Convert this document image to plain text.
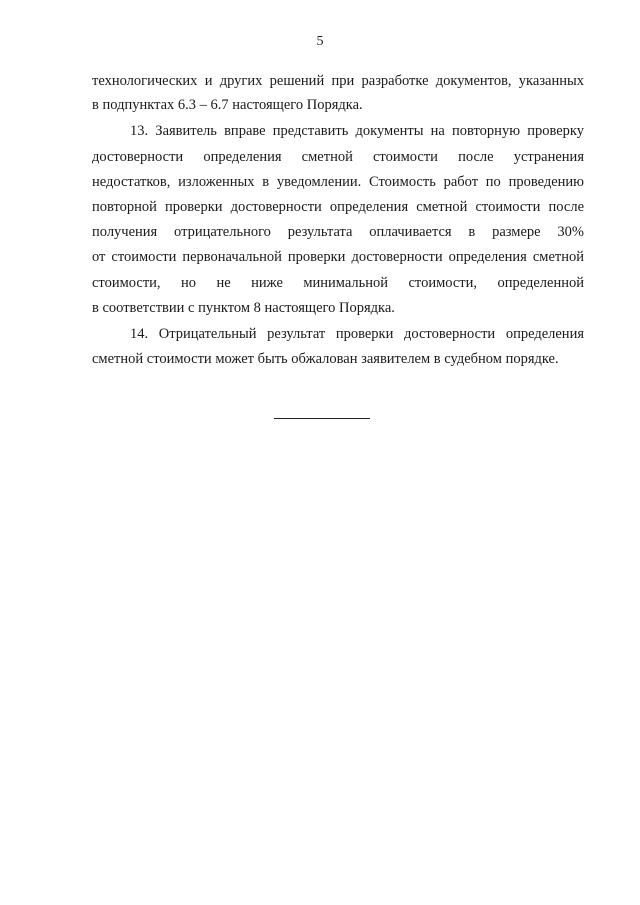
5
технологических и других решений при разработке документов, указанных
в подпунктах 6.3 – 6.7 настоящего Порядка.
13. Заявитель вправе представить документы на повторную проверку
достоверности определения сметной стоимости после устранения
недостатков, изложенных в уведомлении. Стоимость работ по проведению
повторной проверки достоверности определения сметной стоимости после
получения отрицательного результата оплачивается в размере 30%
от стоимости первоначальной проверки достоверности определения сметной
стоимости, но не ниже минимальной стоимости, определенной
в соответствии с пунктом 8 настоящего Порядка.
14. Отрицательный результат проверки достоверности определения
сметной стоимости может быть обжалован заявителем в судебном порядке.
